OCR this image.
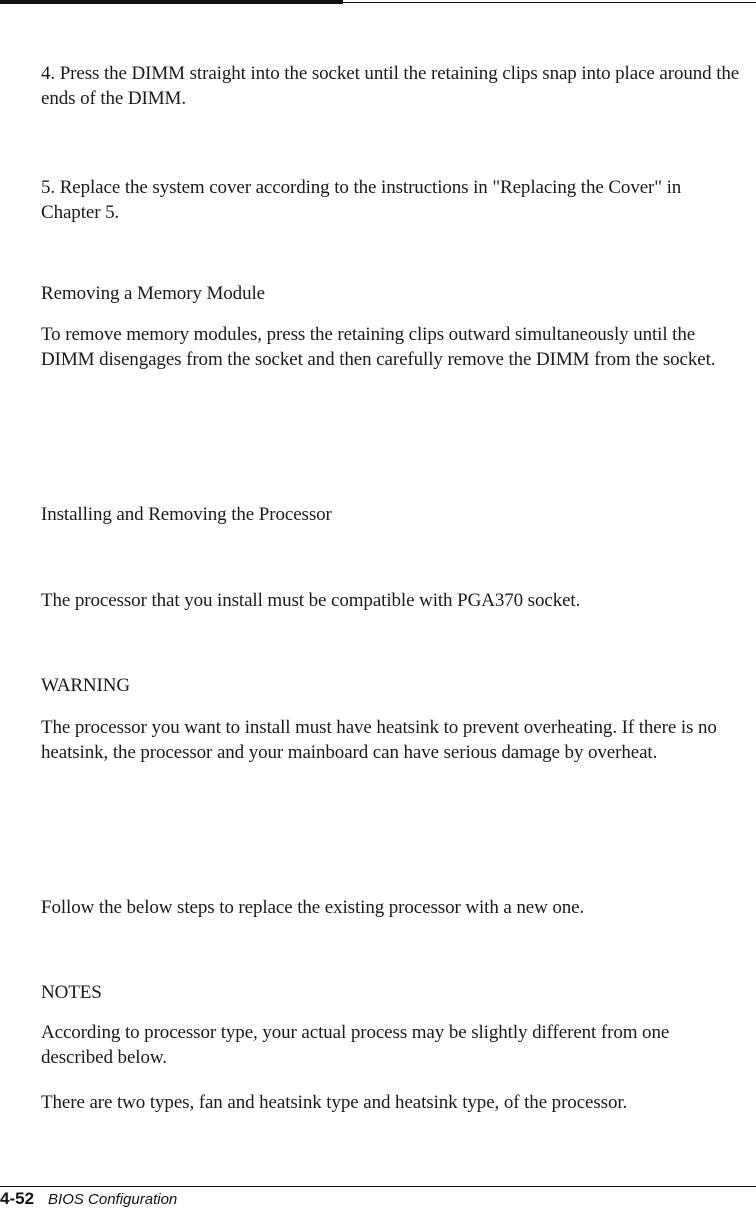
4. Press the DIMM straight into the socket until the retaining clips snap into place around the ends of the DIMM.

5. Replace the system cover according to the instructions in "Replacing the Cover" in Chapter 5.

Removing a Memory Module

To remove memory modules, press the retaining clips outward simultaneously until the DIMM disengages from the socket and then carefully remove the DIMM from the socket.

Installing and Removing the Processor

The processor that you install must be compatible with PGA370 socket.

WARNING

The processor you want to install must have heatsink to prevent overheating. If there is no heatsink, the processor and your mainboard can have serious damage by overheat.

Follow the below steps to replace the existing processor with a new one.

NOTES

According to processor type, your actual process may be slightly different from one described below.

There are two types, fan and heatsink type and heatsink type, of the processor.

4-52 BIOS Configuration
